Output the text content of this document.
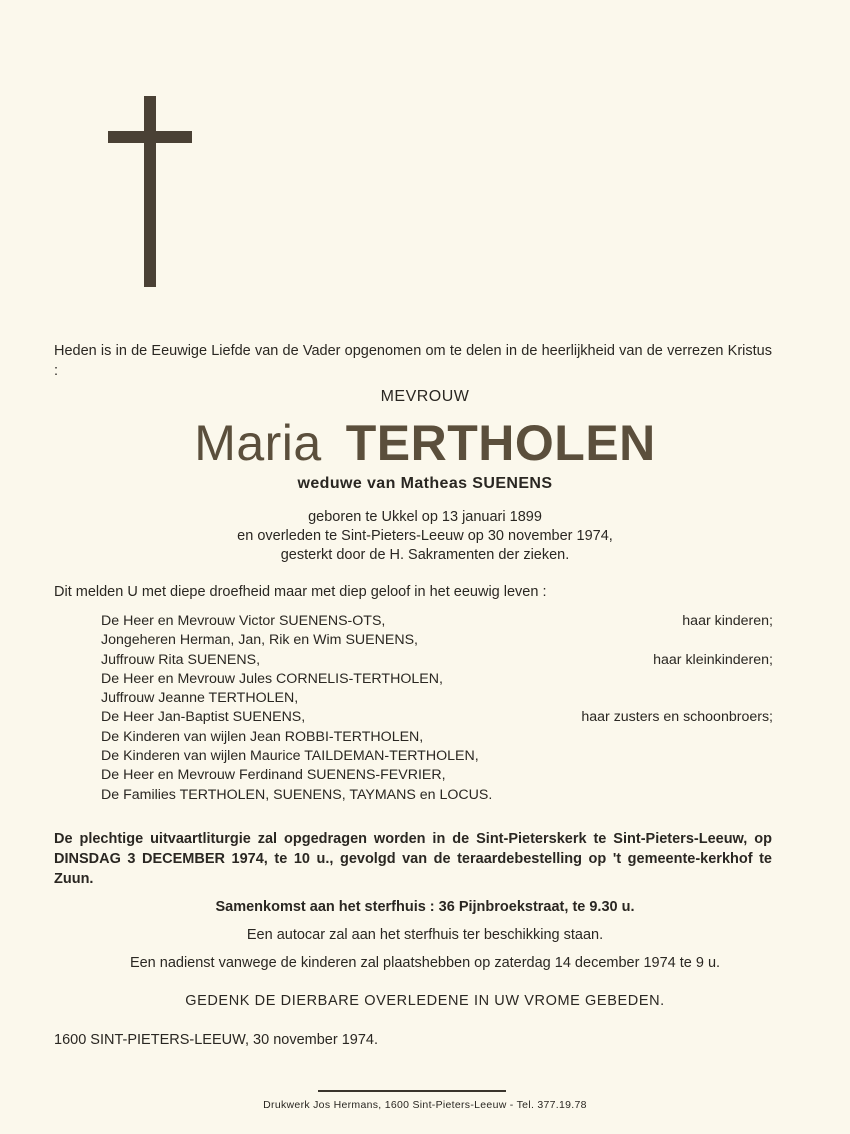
Heden is in de Eeuwige Liefde van de Vader opgenomen om te delen in de heerlijkheid van de verrezen Kristus :
MEVROUW
Maria TERTHOLEN
weduwe van Matheas SUENENS
geboren te Ukkel op 13 januari 1899
en overleden te Sint-Pieters-Leeuw op 30 november 1974,
gesterkt door de H. Sakramenten der zieken.
Dit melden U met diepe droefheid maar met diep geloof in het eeuwig leven :
De Heer en Mevrouw Victor SUENENS-OTS,	haar kinderen;
Jongeheren Herman, Jan, Rik en Wim SUENENS,
Juffrouw Rita SUENENS,	haar kleinkinderen;
De Heer en Mevrouw Jules CORNELIS-TERTHOLEN,
Juffrouw Jeanne TERTHOLEN,
De Heer Jan-Baptist SUENENS,	haar zusters en schoonbroers;
De Kinderen van wijlen Jean ROBBI-TERTHOLEN,
De Kinderen van wijlen Maurice TAILDEMAN-TERTHOLEN,
De Heer en Mevrouw Ferdinand SUENENS-FEVRIER,
De Families TERTHOLEN, SUENENS, TAYMANS en LOCUS.
De plechtige uitvaartliturgie zal opgedragen worden in de Sint-Pieterskerk te Sint-Pieters-Leeuw, op DINSDAG 3 DECEMBER 1974, te 10 u., gevolgd van de teraardebestelling op 't gemeente-kerkhof te Zuun.
Samenkomst aan het sterfhuis : 36 Pijnbroekstraat, te 9.30 u.
Een autocar zal aan het sterfhuis ter beschikking staan.
Een nadienst vanwege de kinderen zal plaatshebben op zaterdag 14 december 1974 te 9 u.
GEDENK DE DIERBARE OVERLEDENE IN UW VROME GEBEDEN.
1600 SINT-PIETERS-LEEUW, 30 november 1974.
Drukwerk Jos Hermans, 1600 Sint-Pieters-Leeuw - Tel. 377.19.78
